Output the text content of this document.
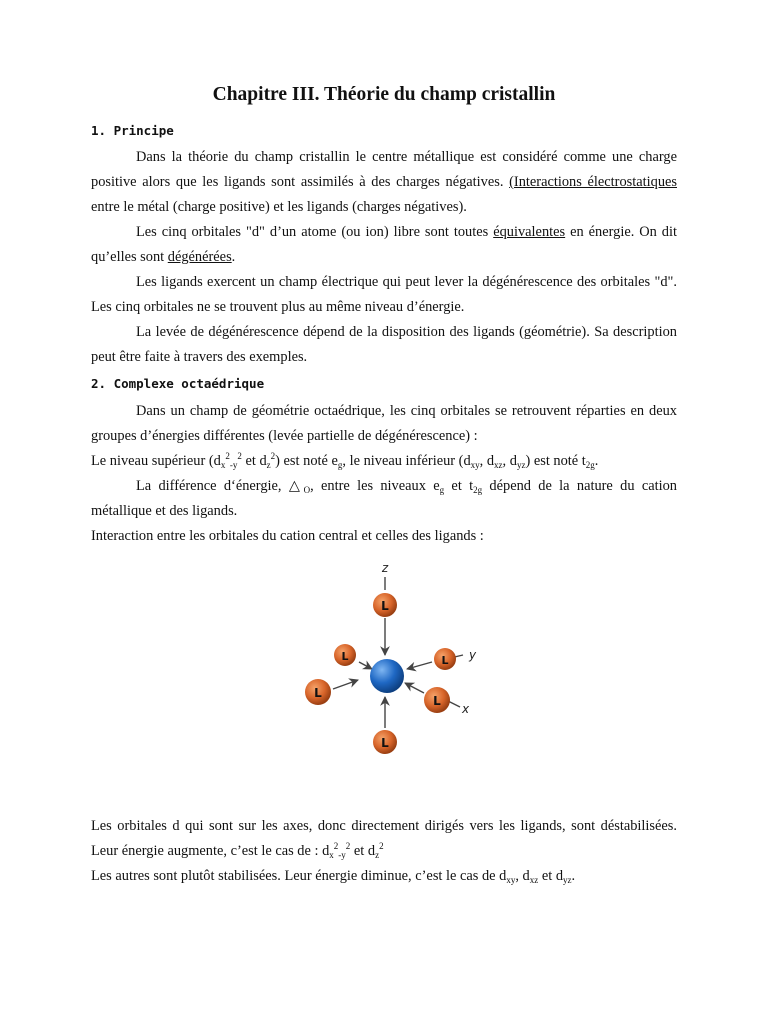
Chapitre III. Théorie du champ cristallin
1. Principe
Dans la théorie du champ cristallin le centre métallique est considéré comme une charge positive alors que les ligands sont assimilés à des charges négatives. (Interactions électrostatiques entre le métal (charge positive) et les ligands (charges négatives).
Les cinq orbitales "d" d’un atome (ou ion) libre sont toutes équivalentes en énergie. On dit qu’elles sont dégénérées.
Les ligands exercent un champ électrique qui peut lever la dégénérescence des orbitales "d". Les cinq orbitales ne se trouvent plus au même niveau d’énergie.
La levée de dégénérescence dépend de la disposition des ligands (géométrie). Sa description peut être faite à travers des exemples.
2. Complexe octaédrique
Dans un champ de géométrie octaédrique, les cinq orbitales se retrouvent réparties en deux groupes d’énergies différentes (levée partielle de dégénérescence) :
Le niveau supérieur ($d_x^2_{-y}^2$ et $d_z^2$) est noté $e_g$, le niveau inférieur ($d_{xy}$, $d_{xz}$, $d_{yz}$) est noté $t_{2g}$.
La différence d‘énergie, $\triangle_O$, entre les niveaux $e_g$ et $t_{2g}$ dépend de la nature du cation métallique et des ligands.
Interaction entre les orbitales du cation central et celles des ligands :
z
y
x
L
L	L
L
L
L
Les orbitales d qui sont sur les axes, donc directement dirigés vers les ligands, sont déstabilisées. Leur énergie augmente, c’est le cas de : $d_x^2_{-y}^2$ et $d_z^2$
Les autres sont plutôt stabilisées. Leur énergie diminue, c’est le cas de $d_{xy}$, $d_{xz}$ et $d_{yz}$.
